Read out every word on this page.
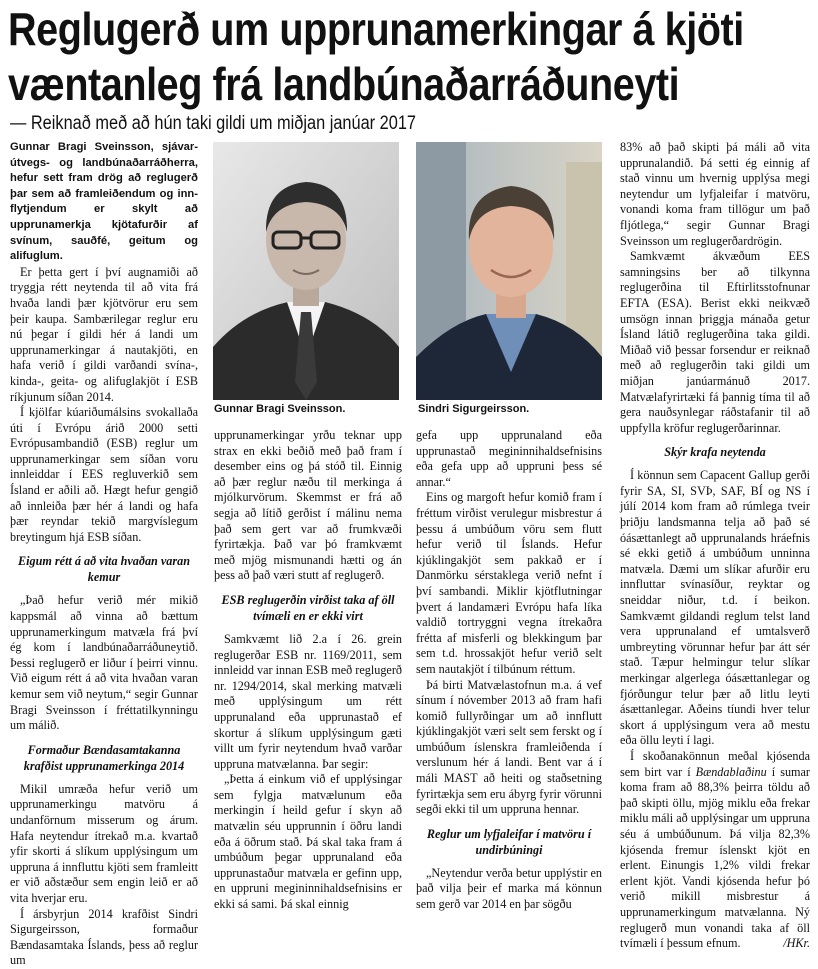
Reglugerð um upprunamerkingar á kjöti
væntanleg frá landbúnaðarráðuneyti
— Reiknað með að hún taki gildi um miðjan janúar 2017

Gunnar Bragi Sveinsson, sjávarútvegs- og landbúnaðarráðherra, hefur sett fram drög að reglugerð þar sem að framleiðendum og innflytjendum er skylt að upprunamerkja kjötafurðir af svínum, sauðfé, geitum og alifuglum.

Er þetta gert í því augnamiði að tryggja rétt neytenda til að vita frá hvaða landi þær kjötvörur eru sem þeir kaupa. Sambærilegar reglur eru nú þegar í gildi hér á landi um upprunamerkingar á nautakjöti, en hafa verið í gildi varðandi svína-, kinda-, geita- og alifuglakjöt í ESB ríkjunum síðan 2014.

Í kjölfar kúariðumálsins svokallaða úti í Evrópu árið 2000 setti Evrópusambandið (ESB) reglur um upprunamerkingar sem síðan voru innleiddar í EES regluverkið sem Ísland er aðili að. Hægt hefur gengið að innleiða þær hér á landi og hafa þær reyndar tekið margvíslegum breytingum hjá ESB síðan.

Eigum rétt á að vita hvaðan varan kemur

„Það hefur verið mér mikið kappsmál að vinna að bættum upprunamerkingum matvæla frá því ég kom í landbúnaðarráðuneytið. Þessi reglugerð er liður í þeirri vinnu. Við eigum rétt á að vita hvaðan varan kemur sem við neytum,“ segir Gunnar Bragi Sveinsson í fréttatilkynningu um málið.

Formaður Bændasamtakanna krafðist upprunamerkinga 2014

Mikil umræða hefur verið um upprunamerkingu matvöru á undanförnum misserum og árum. Hafa neytendur ítrekað m.a. kvartað yfir skorti á slíkum upplýsingum um uppruna á innfluttu kjöti sem framleitt er við aðstæður sem engin leið er að vita hverjar eru.

Í ársbyrjun 2014 krafðist Sindri Sigurgeirsson, formaður Bændasamtaka Íslands, þess að reglur um

Gunnar Bragi Sveinsson.	Sindri Sigurgeirsson.

upprunamerkingar yrðu teknar upp strax en ekki beðið með það fram í desember eins og þá stóð til. Einnig að þær reglur næðu til merkinga á mjólkurvörum. Skemmst er frá að segja að lítið gerðist í málinu nema það sem gert var að frumkvæði fyrirtækja. Það var þó framkvæmt með mjög mismunandi hætti og án þess að það væri stutt af reglugerð.

ESB reglugerðin virðist taka af öll tvímæli en er ekki virt

Samkvæmt lið 2.a í 26. grein reglugerðar ESB nr. 1169/2011, sem innleidd var innan ESB með reglugerð nr. 1294/2014, skal merking matvæli með upplýsingum um rétt upprunaland eða upprunastað ef skortur á slíkum upplýsingum gæti villt um fyrir neytendum hvað varðar uppruna matvælanna. Þar segir:

„Þetta á einkum við ef upplýsingar sem fylgja matvælunum eða merkingin í heild gefur í skyn að matvælin séu upprunnin í öðru landi eða á öðrum stað. Þá skal taka fram á umbúðum þegar upprunaland eða upprunastaður matvæla er gefinn upp, en uppruni megininnihaldsefnisins er ekki sá sami. Þá skal einnig

gefa upp upprunaland eða upprunastað megininnihaldsefnisins eða gefa upp að uppruni þess sé annar.“

Eins og margoft hefur komið fram í fréttum virðist verulegur misbrestur á þessu á umbúðum vöru sem flutt hefur verið til Íslands. Hefur kjúklingakjöt sem pakkað er í Danmörku sérstaklega verið nefnt í því sambandi. Miklir kjötflutningar þvert á landamæri Evrópu hafa líka valdið tortryggni vegna ítrekaðra frétta af misferli og blekkingum þar sem t.d. hrossakjöt hefur verið selt sem nautakjöt í tilbúnum réttum.

Þá birti Matvælastofnun m.a. á vef sínum í nóvember 2013 að fram hafi komið fullyrðingar um að innflutt kjúklingakjöt væri selt sem ferskt og í umbúðum íslenskra framleiðenda í verslunum hér á landi. Bent var á í máli MAST að heiti og staðsetning fyrirtækja sem eru ábyrg fyrir vörunni segði ekki til um uppruna hennar.

Reglur um lyfjaleifar í matvöru í undirbúningi

„Neytendur verða betur upplýstir en það vilja þeir ef marka má könnun sem gerð var 2014 en þar sögðu

83% að það skipti þá máli að vita upprunalandið. Þá setti ég einnig af stað vinnu um hvernig upplýsa megi neytendur um lyfjaleifar í matvöru, vonandi koma fram tillögur um það fljótlega,“ segir Gunnar Bragi Sveinsson um reglugerðardrögin.

Samkvæmt ákvæðum EES samningsins ber að tilkynna reglugerðina til Eftirlitsstofnunar EFTA (ESA). Berist ekki neikvæð umsögn innan þriggja mánaða getur Ísland látið reglugerðina taka gildi. Miðað við þessar forsendur er reiknað með að reglugerðin taki gildi um miðjan janúarmánuð 2017. Matvælafyrirtæki fá þannig tíma til að gera nauðsynlegar ráðstafanir til að uppfylla kröfur reglugerðarinnar.

Skýr krafa neytenda

Í könnun sem Capacent Gallup gerði fyrir SA, SI, SVÞ, SAF, BÍ og NS í júlí 2014 kom fram að rúmlega tveir þriðju landsmanna telja að það sé óásættanlegt að upprunalands hráefnis sé ekki getið á umbúðum unninna matvæla. Dæmi um slíkar afurðir eru innfluttar svínasíður, reyktar og sneiddar niður, t.d. í beikon. Samkvæmt gildandi reglum telst land vera upprunaland ef umtalsverð umbreyting vörunnar hefur þar átt sér stað. Tæpur helmingur telur slíkar merkingar algerlega óásættanlegar og fjórðungur telur þær að litlu leyti ásættanlegar. Aðeins tíundi hver telur skort á upplýsingum vera að mestu eða öllu leyti í lagi.

Í skoðanakönnun meðal kjósenda sem birt var í Bændablaðinu í sumar koma fram að 88,3% þeirra töldu að það skipti öllu, mjög miklu eða frekar miklu máli að upplýsingar um uppruna séu á umbúðunum. Þá vilja 82,3% kjósenda fremur íslenskt kjöt en erlent. Einungis 1,2% vildi frekar erlent kjöt. Vandi kjósenda hefur þó verið mikill misbrestur á upprunamerkingum matvælanna. Ný reglugerð mun vonandi taka af öll tvímæli í þessum efnum.	/HKr.
